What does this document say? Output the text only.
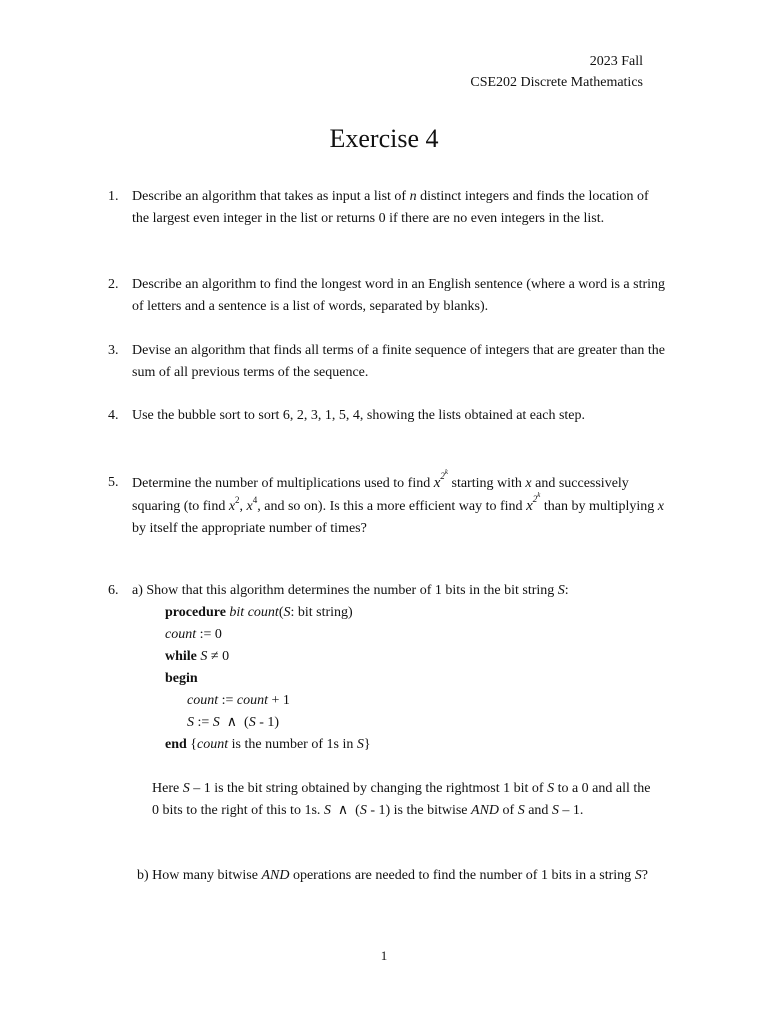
2023 Fall
CSE202 Discrete Mathematics
Exercise 4
1. Describe an algorithm that takes as input a list of n distinct integers and finds the location of the largest even integer in the list or returns 0 if there are no even integers in the list.
2. Describe an algorithm to find the longest word in an English sentence (where a word is a string of letters and a sentence is a list of words, separated by blanks).
3. Devise an algorithm that finds all terms of a finite sequence of integers that are greater than the sum of all previous terms of the sequence.
4. Use the bubble sort to sort 6, 2, 3, 1, 5, 4, showing the lists obtained at each step.
5. Determine the number of multiplications used to find $x^{2^k}$ starting with x and successively squaring (to find $x^2$, $x^4$, and so on). Is this a more efficient way to find $x^{2^k}$ than by multiplying x by itself the appropriate number of times?
6. a) Show that this algorithm determines the number of 1 bits in the bit string S:
procedure bit count(S: bit string)
count := 0
while S ≠ 0
begin
count := count + 1
S := S  ∧  (S - 1)
end {count is the number of 1s in S}
Here S – 1 is the bit string obtained by changing the rightmost 1 bit of S to a 0 and all the 0 bits to the right of this to 1s. S  ∧  (S - 1) is the bitwise AND of S and S – 1.
b) How many bitwise AND operations are needed to find the number of 1 bits in a string S?
1
